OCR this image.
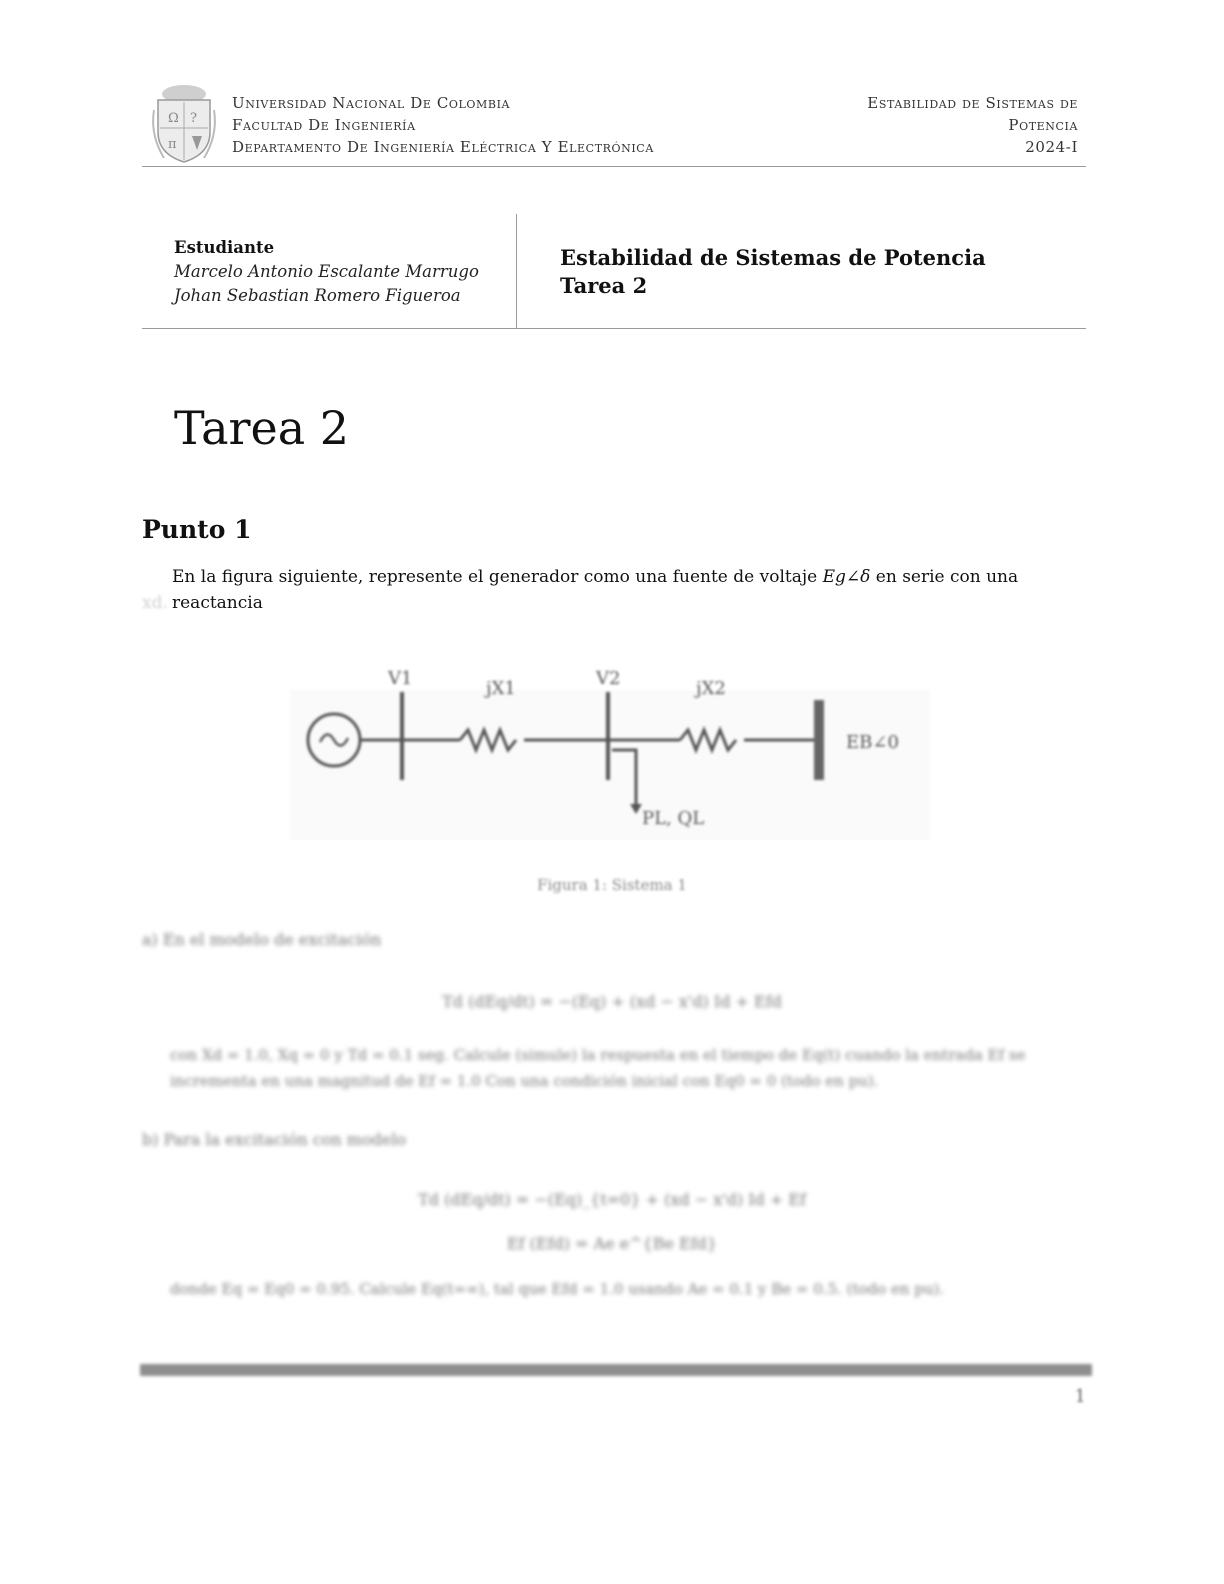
Ω ?
π
Universidad Nacional De Colombia
Facultad De Ingeniería
Departamento De Ingeniería Eléctrica Y Electrónica
Estabilidad de Sistemas de
Potencia
2024-I
Estudiante
Marcelo Antonio Escalante Marrugo
Johan Sebastian Romero Figueroa
Estabilidad de Sistemas de Potencia
Tarea 2
Tarea 2
Punto 1
En la figura siguiente, represente el generador como una fuente de voltaje Eg∠δ en serie con una reactancia
xd.
V1	jX1	V2	jX2
EB∠0
PL, QL
Figura 1: Sistema 1
a) En el modelo de excitación
Td (dEq/dt) = −(Eq) + (xd − x'd) Id + Efd
con Xd = 1.0, Xq = 0 y Td = 0.1 seg. Calcule (simule) la respuesta en el tiempo de Eq(t) cuando la entrada Ef se incrementa en una magnitud de Ef = 1.0 Con una condición inicial con Eq0 = 0 (todo en pu).
b) Para la excitación con modelo
Td (dEq/dt) = −(Eq)_{t=0} + (xd − x'd) Id + Ef
Ef (Efd) = Ae e^{Be Efd}
donde Eq = Eq0 = 0.95. Calcule Eq(t=∞), tal que Efd = 1.0 usando Ae = 0.1 y Be = 0.5. (todo en pu).
1
